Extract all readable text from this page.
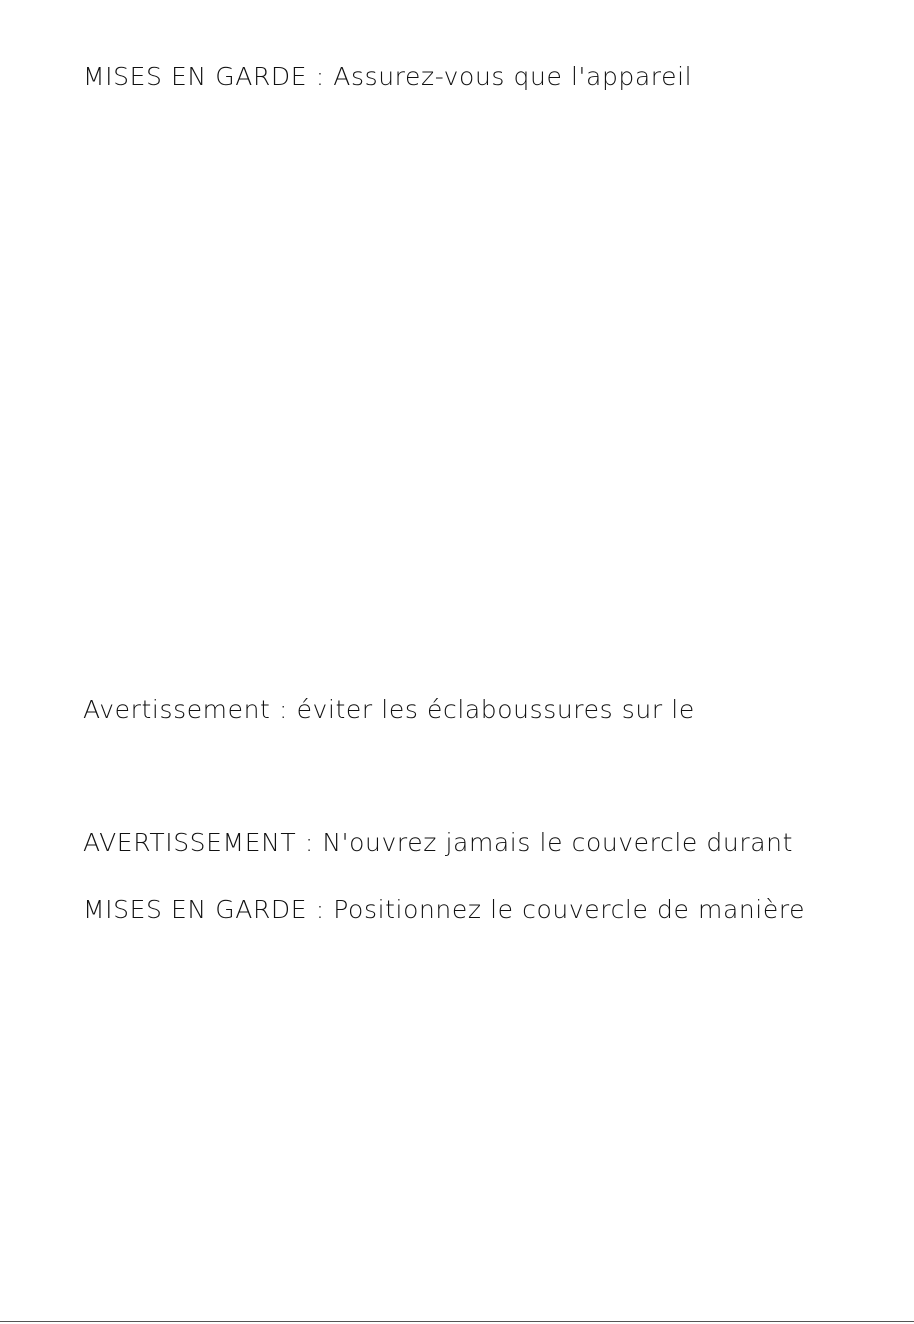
MISES EN GARDE : Assurez-vous que l'appareil
Avertissement : éviter les éclaboussures sur le
AVERTISSEMENT : N'ouvrez jamais le couvercle durant
MISES EN GARDE : Positionnez le couvercle de manière
